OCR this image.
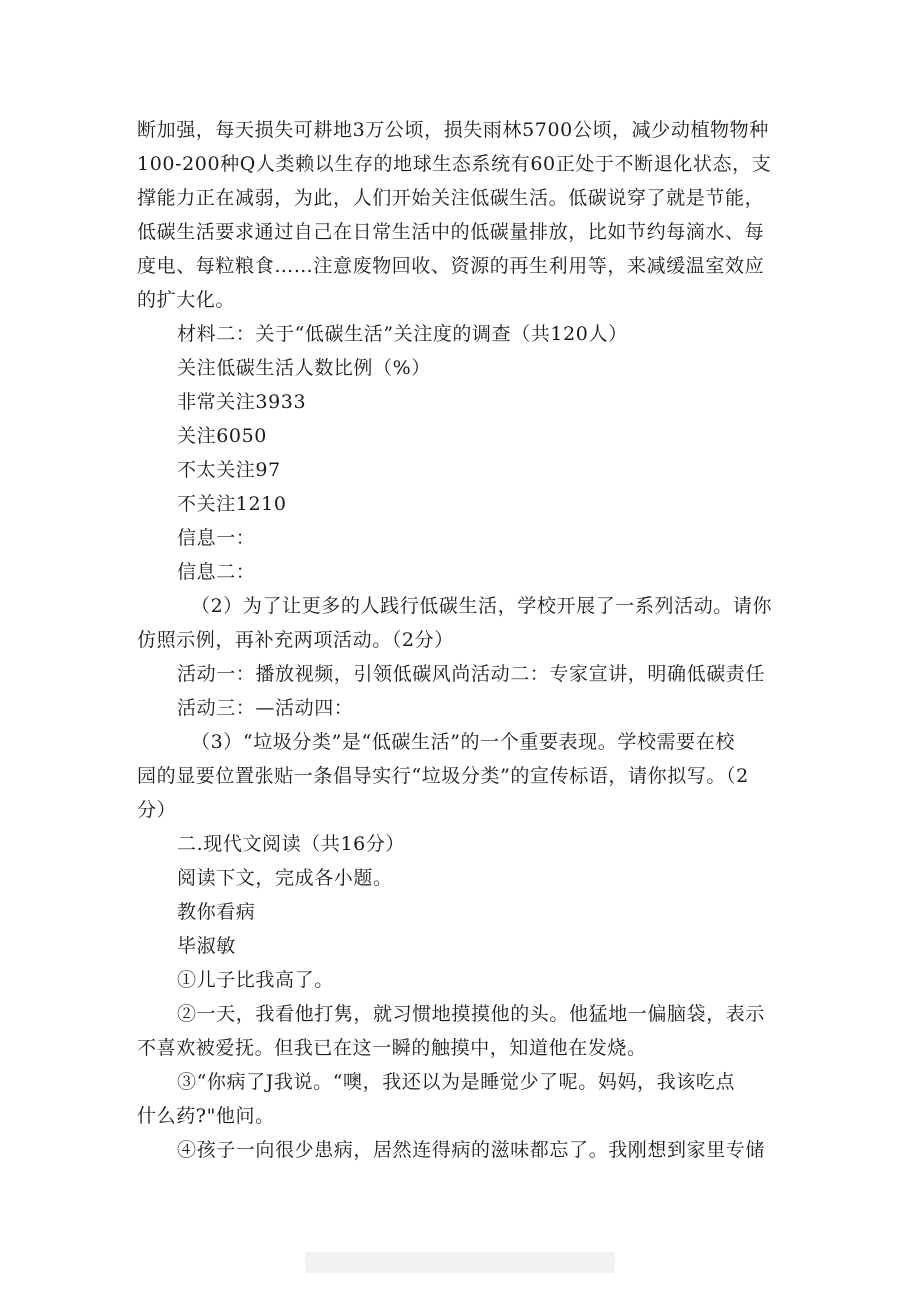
断加强，每天损失可耕地3万公顷，损失雨林5700公顷，减少动植物物种
100-200种Q人类赖以生存的地球生态系统有60正处于不断退化状态，支
撑能力正在减弱，为此，人们开始关注低碳生活。低碳说穿了就是节能，
低碳生活要求通过自己在日常生活中的低碳量排放，比如节约每滴水、每
度电、每粒粮食……注意废物回收、资源的再生利用等，来减缓温室效应
的扩大化。
材料二：关于“低碳生活”关注度的调查（共120人）
关注低碳生活人数比例（%）
非常关注3933
关注6050
不太关注97
不关注1210
信息一：
信息二：
（2）为了让更多的人践行低碳生活，学校开展了一系列活动。请你
仿照示例，再补充两项活动。（2分）
活动一：播放视频，引领低碳风尚活动二：专家宣讲，明确低碳责任
活动三：—活动四：
（3）“垃圾分类”是“低碳生活”的一个重要表现。学校需要在校
园的显要位置张贴一条倡导实行“垃圾分类”的宣传标语，请你拟写。（2
分）
二.现代文阅读（共16分）
阅读下文，完成各小题。
教你看病
毕淑敏
①儿子比我高了。
②一天，我看他打隽，就习惯地摸摸他的头。他猛地一偏脑袋，表示
不喜欢被爱抚。但我已在这一瞬的触摸中，知道他在发烧。
③“你病了J我说。“噢，我还以为是睡觉少了呢。妈妈，我该吃点
什么药?"他问。
④孩子一向很少患病，居然连得病的滋味都忘了。我刚想到家里专储
